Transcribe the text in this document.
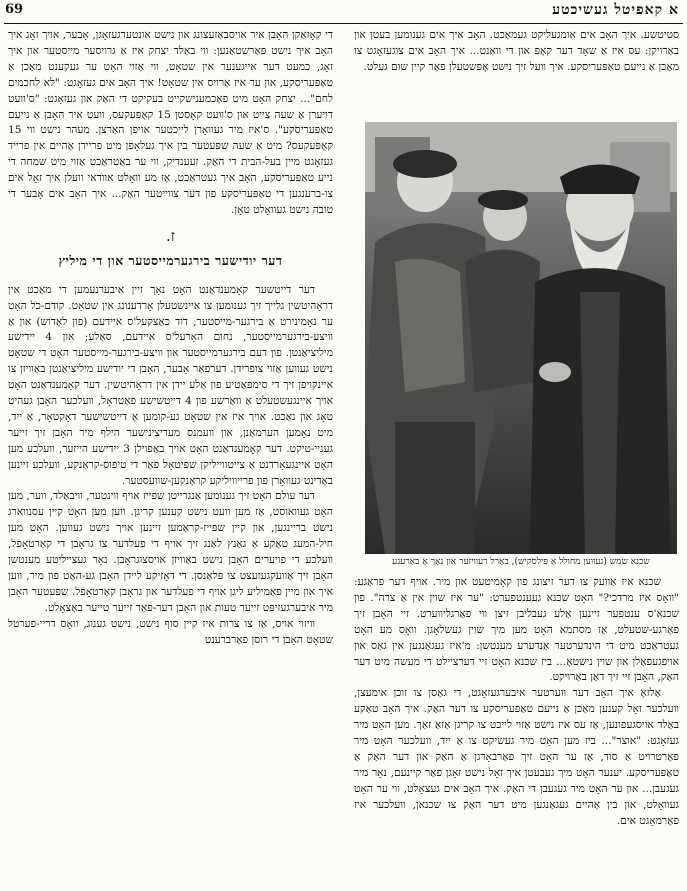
69	א קאפיטל געשיכטע

סטיטשע. איך האָב אים אומגעליקט געמאַכט. האָב איך אים גענומען בעטן און באַרויקן: עס איז אַ שאָד דער קאָפּ און די וואַנט... איך האָב אים צוגעזאָגט צו מאַכן אַ נייעם טאַפּעריסקע. איך וועל זיך נישט אָפּשטעלן פאַר קיין שום געלט.

שכנא שמש (געווען מחולל אַ פּילסקיש), באַרל רעוויזער און נאָך אַ באַרעגע

שכנא איז אַוועק צו דער זיצונג פון קאָמיטעט און מיר. אויף דער פראַגע: "וואָס איז מרדכי?" האָט שכנא געענטפערט: "ער איז שוין אין אַ צרה". פון שכנא'ס ענטפער זיינען אַלע געבליבן זיצן ווי פאַרגליווערט. זיי האָבן זיך פאַרגע-שטעלט, אַז מסתמא האָט מען מיך שוין געשלאָגן. וואָס מע האָט געטראַכט מיט די הינדערטער אַנדערע מענטשן: מ'איז געגאַנגען אין גאַס און אויפגעפאַלן און שוין נישטאָ... ביז שכנא האָט זיי דערציילט די מעשה מיט דער האַק, האָבן זיי זיך דאַן באַרויקט.

אַלזאָ איך האָב דער ווערטער איבערגעזאָגט, די גאַסן צו זוכן אימעצן, וועלכער זאָל קענען מאַכן אַ נייעם טאַפּעריסקע צו דער האַק. איך האָב טאַקע באַלד אויסגעפונען, אַז עס איז נישט אַזוי לייכט צו קריגן אַזאַ זאַך. מען האָט מיר געזאָגט: "אוצר"... ביז מען האָט מיר געשיקט צו אַ ייִד, וועלכער האָט מיר פאַרטרויט אַ סוד, אַז ער האָט זיך פאַרבאָרגן אַ האַק און דער האַק אַ טאַפּעריסקע. יענער האָט מיך געבעטן איך זאָל נישט זאָגן פאַר קיינעם, נאָר מיר געגעבן... און ער האָט מיר געגעבן די האַק. איך האָב אים געצאָלט, ווי ער האָט געוואָלט, און בין אַהיים געגאַנגען מיט דער האַק צו שכנאן, וועלכער איז פאַרמאָגט אים.

די קאָזאַקן האָבן איר אויסבאַזעצונג און נישט אונטערגעזאָגן, אָבער, אויך זאָג איך האָב איך נישט פאַרשטאַנען: ווי באַלד יצחק איז אַ גרויסער מייסטער און איך זאָג, כמעט דער אייגענער אין שטאָט, ווי אַזוי האָט ער געקענט מאַכן אַ טאַפּעריסקע, און ער איז אַרויס אין שטאָט! איך האָב אים געזאָגט: "לא לחכמים לחם"... יצחק האָט מיט פאַכמענישקייט בעקיקט די האַק און געזאָגט: "ס'וועט דויערן אַ שעה צייט און ס'וועט קאָסטן 15 קאָפּעקעס, וועט איר האָבן אַ נייעם טאַפּעריסקע". ס'איז מיר געוואָרן לייכטער אויפן האַרצן. מעהר נישט ווי 15 קאָפּעקעס? מיט אַ שעה שפּעטער בין איך געלאָפן מיט פריידן אַהיים אין פרייד געזאָגט מיין בעל-הבית די האַק. זעענדיק, ווי ער באַטראַכט אַזוי מיט שמחה די נייע טאַפּעריסקע, האָב איך געטראַכט, אַז מע וואָלט אוודאי וועלן איך זאָל אים צו-ברענגען די טאַפּעריסקע פון דער צווייטער האַק... איך האָב אים אָבער די טובה נישט געוואָלט טאָן.

ז.
דער יודישער בירגערמייסטער און די מיליץ

דער דייטשער קאָמענדאַנט האָט נאָך זיין איבערנעמען די מאַכט אין דראָהיטשין גלייך זיך גענומען צו איינשטעלן אָרדענונג אין שטאָט. קודם-כל האָט ער נאָמינירט אַ בירגער-מייסטער, דוד כאַצקעל'ס איידעם (פון לאַדוש) און אַ וויצע-בירגערמייסטער, נחום האָרעל'ס איידעם, סאַלע; און 4 יידישע מיליציאַנטן. פון דעם בירגערמייסטער און וויצע-בירגער-מייסטער האָט די שטאָט נישט געווען אַזוי צופרידן. דערפאַר אָבער, האָבן די יודישע מיליציאַנטן באַוויזן צו איינקויפן זיך די סימפּאַטיע פון אַלע יידן אין דראָהיטשין. דער קאָמענדאַנט האָט אויך איינגעשטעלט אַ וואַרשע פון 4 דייטשישע פאַטראָל, וועלכער האָבן געהיט טאָג און נאַכט. אויך איז אין שטאָט גע-קומען אַ דייטשישער דאָקטאָר, אַ ייִד, מיט נאָמען הערמאַנן, און וועמנס מעדיצינישער הילף מיר האָבן זיך זייער געניי-טיקט. דער קאָמענדאַנט האָט אויך באַפוילן 3 ייִדישע הייזער, וועלכע מען האָט איינגעאָרדנט אַ צייטווייליקן שפּיטאָל פאַר די טיפוס-קראַנקע, וועלכע זיינען באַדינט געוואָרן פון פרייוויליקע קראַנקען-שוועסטער.

דער עולם האָט זיך גענומען אַנגרייטן שפּייז אויף ווינטער, וויבאַלד, ווער, מען האָט געוואוסט, אַז מען וועט נישט קענען קריגן. ווען מען האָט קיין עסנווארג נישט בריינגען, און קיין שפּייז-קראַמען זיינען אויך נישט געווען. האָט מען חיל-המעג טאַקע אַ גאַנץ לאַנג זיך אויף די פעלדער צו גראָבן די קאַרטאָפל, וועלכע די פויערים האָבן נישט באַוויזן אויסצוגראָבן. נאָר געצייליטע מענטשן האָבן זיך אַוועקגעזעצט צו פּלאַנסן. די דאָזיקע ליידן האָבן גע-האַט פון מיר, ווען איך און מיין פאַמיליע ליגן אויף די פעלדער און גראָבן קאַרטאָפל. שפּעטער האָבן מיר איבערגעזיפּט זייער טעות און האָבן דער-פאַר זייער טייער באַצאָלט.

וויזוי אויס, אַז צו צרות איז קיין סוף נישט, נישט גענוג, וואָס דריי-פערטל שטאָט האָבן די רוסן פאַרברענט
